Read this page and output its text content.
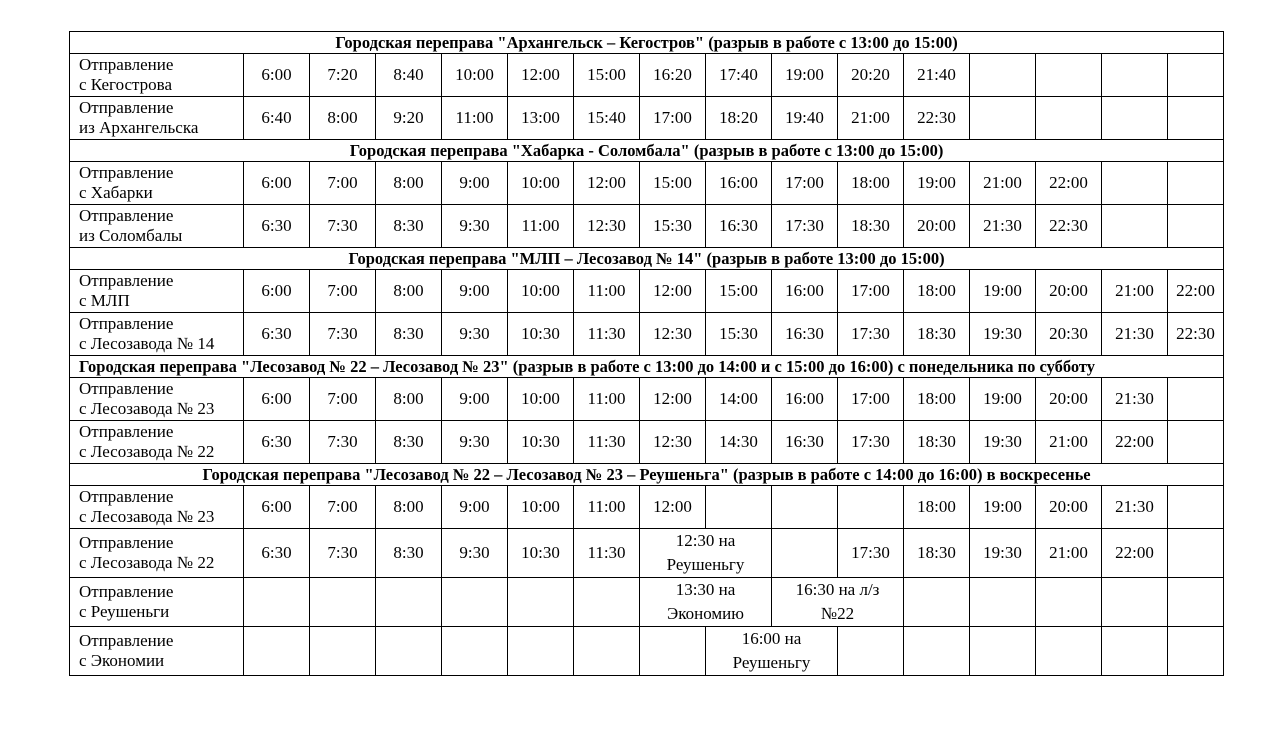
Городская переправа "Архангельск – Кегостров" (разрыв в работе с 13:00 до 15:00)																
Отправление
с Кегострова	6:00	7:20	8:40	10:00	12:00	15:00	16:20	17:40	19:00	20:20	21:40					
Отправление
из Архангельска	6:40	8:00	9:20	11:00	13:00	15:40	17:00	18:20	19:40	21:00	22:30					
Городская переправа "Хабарка - Соломбала" (разрыв в работе с 13:00 до 15:00)																
Отправление
с Хабарки	6:00	7:00	8:00	9:00	10:00	12:00	15:00	16:00	17:00	18:00	19:00	21:00	22:00			
Отправление
из Соломбалы	6:30	7:30	8:30	9:30	11:00	12:30	15:30	16:30	17:30	18:30	20:00	21:30	22:30			
Городская переправа "МЛП – Лесозавод № 14" (разрыв в работе 13:00 до 15:00)																
Отправление
с МЛП	6:00	7:00	8:00	9:00	10:00	11:00	12:00	15:00	16:00	17:00	18:00	19:00	20:00	21:00	22:00	
Отправление
с Лесозавода № 14	6:30	7:30	8:30	9:30	10:30	11:30	12:30	15:30	16:30	17:30	18:30	19:30	20:30	21:30	22:30	
Городская переправа "Лесозавод № 22 – Лесозавод № 23" (разрыв в работе с 13:00 до 14:00 и с 15:00 до 16:00) с понедельника по субботу																
Отправление
с Лесозавода № 23	6:00	7:00	8:00	9:00	10:00	11:00	12:00	14:00	16:00	17:00	18:00	19:00	20:00	21:30		
Отправление
с Лесозавода № 22	6:30	7:30	8:30	9:30	10:30	11:30	12:30	14:30	16:30	17:30	18:30	19:30	21:00	22:00		
Городская переправа "Лесозавод № 22 – Лесозавод № 23 – Реушеньга" (разрыв в работе с 14:00 до 16:00) в воскресенье																
Отправление
с Лесозавода № 23	6:00	7:00	8:00	9:00	10:00	11:00	12:00				18:00	19:00	20:00	21:30		
Отправление
с Лесозавода № 22	6:30	7:30	8:30	9:30	10:30	11:30	12:30 на Реушеньгу			17:30	18:30	19:30	21:00	22:00		
Отправление
с Реушеньги							13:30 на Экономию		16:30 на л/з №22							
Отправление
с Экономии								16:00 на Реушеньгу								
